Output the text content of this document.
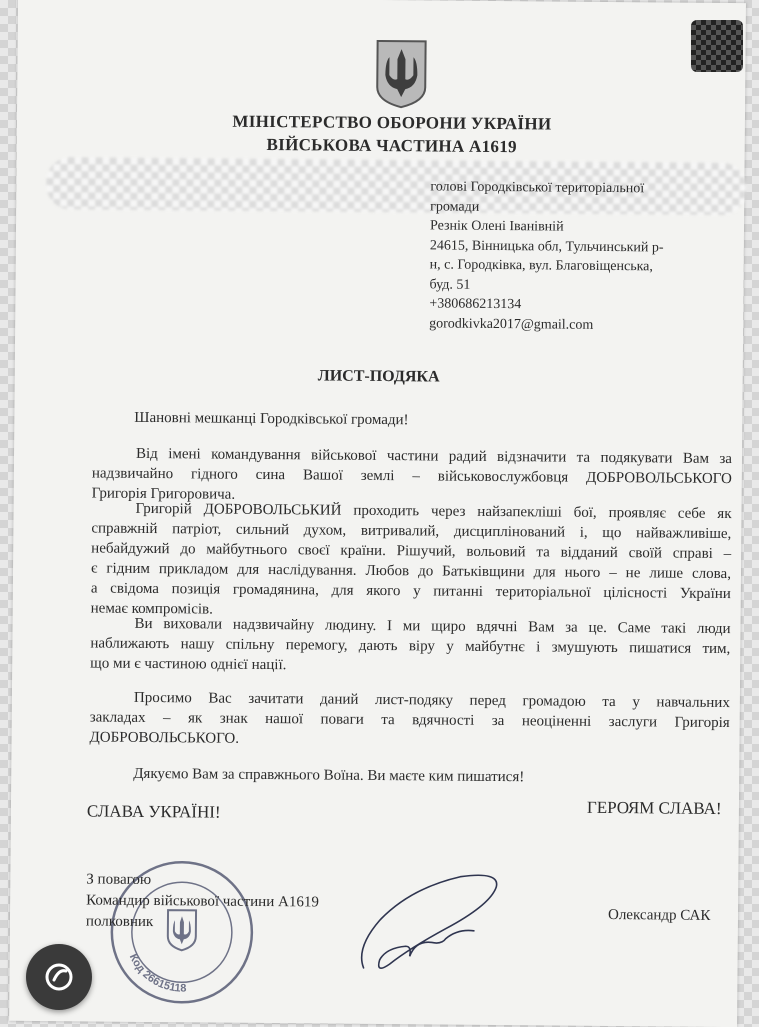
МІНІСТЕРСТВО ОБОРОНИ УКРАЇНИ
ВІЙСЬКОВА ЧАСТИНА А1619
голові Городківської територіальної
громади
Резнік Олені Іванівній
24615, Вінницька обл, Тульчинський р-
н, с. Городківка, вул. Благовіщенська,
буд. 51
+380686213134
gorodkivka2017@gmail.com
ЛИСТ-ПОДЯКА
Шановні мешканці Городківської громади!
Від імені командування військової частини радий відзначити та подякувати Вам за
надзвичайно гідного сина Вашої землі – військовослужбовця ДОБРОВОЛЬСЬКОГО
Григорія Григоровича.
Григорій ДОБРОВОЛЬСЬКИЙ проходить через найзапекліші бої, проявляє себе як
справжній патріот, сильний духом, витривалий, дисциплінований і, що найважливіше,
небайдужий до майбутнього своєї країни. Рішучий, вольовий та відданий своїй справі –
є гідним прикладом для наслідування. Любов до Батьківщини для нього – не лише слова,
а свідома позиція громадянина, для якого у питанні територіальної цілісності України
немає компромісів.
Ви виховали надзвичайну людину. І ми щиро вдячні Вам за це. Саме такі люди
наближають нашу спільну перемогу, дають віру у майбутнє і змушують пишатися тим,
що ми є частиною однієї нації.
Просимо Вас зачитати даний лист-подяку перед громадою та у навчальних
закладах – як знак нашої поваги та вдячності за неоціненні заслуги Григорія
ДОБРОВОЛЬСЬКОГО.
Дякуємо Вам за справжнього Воїна. Ви маєте ким пишатися!
СЛАВА УКРАЇНІ!	ГЕРОЯМ СЛАВА!
Код 26615118
З повагою
Командир військової частини А1619
полковник	Олександр САК
